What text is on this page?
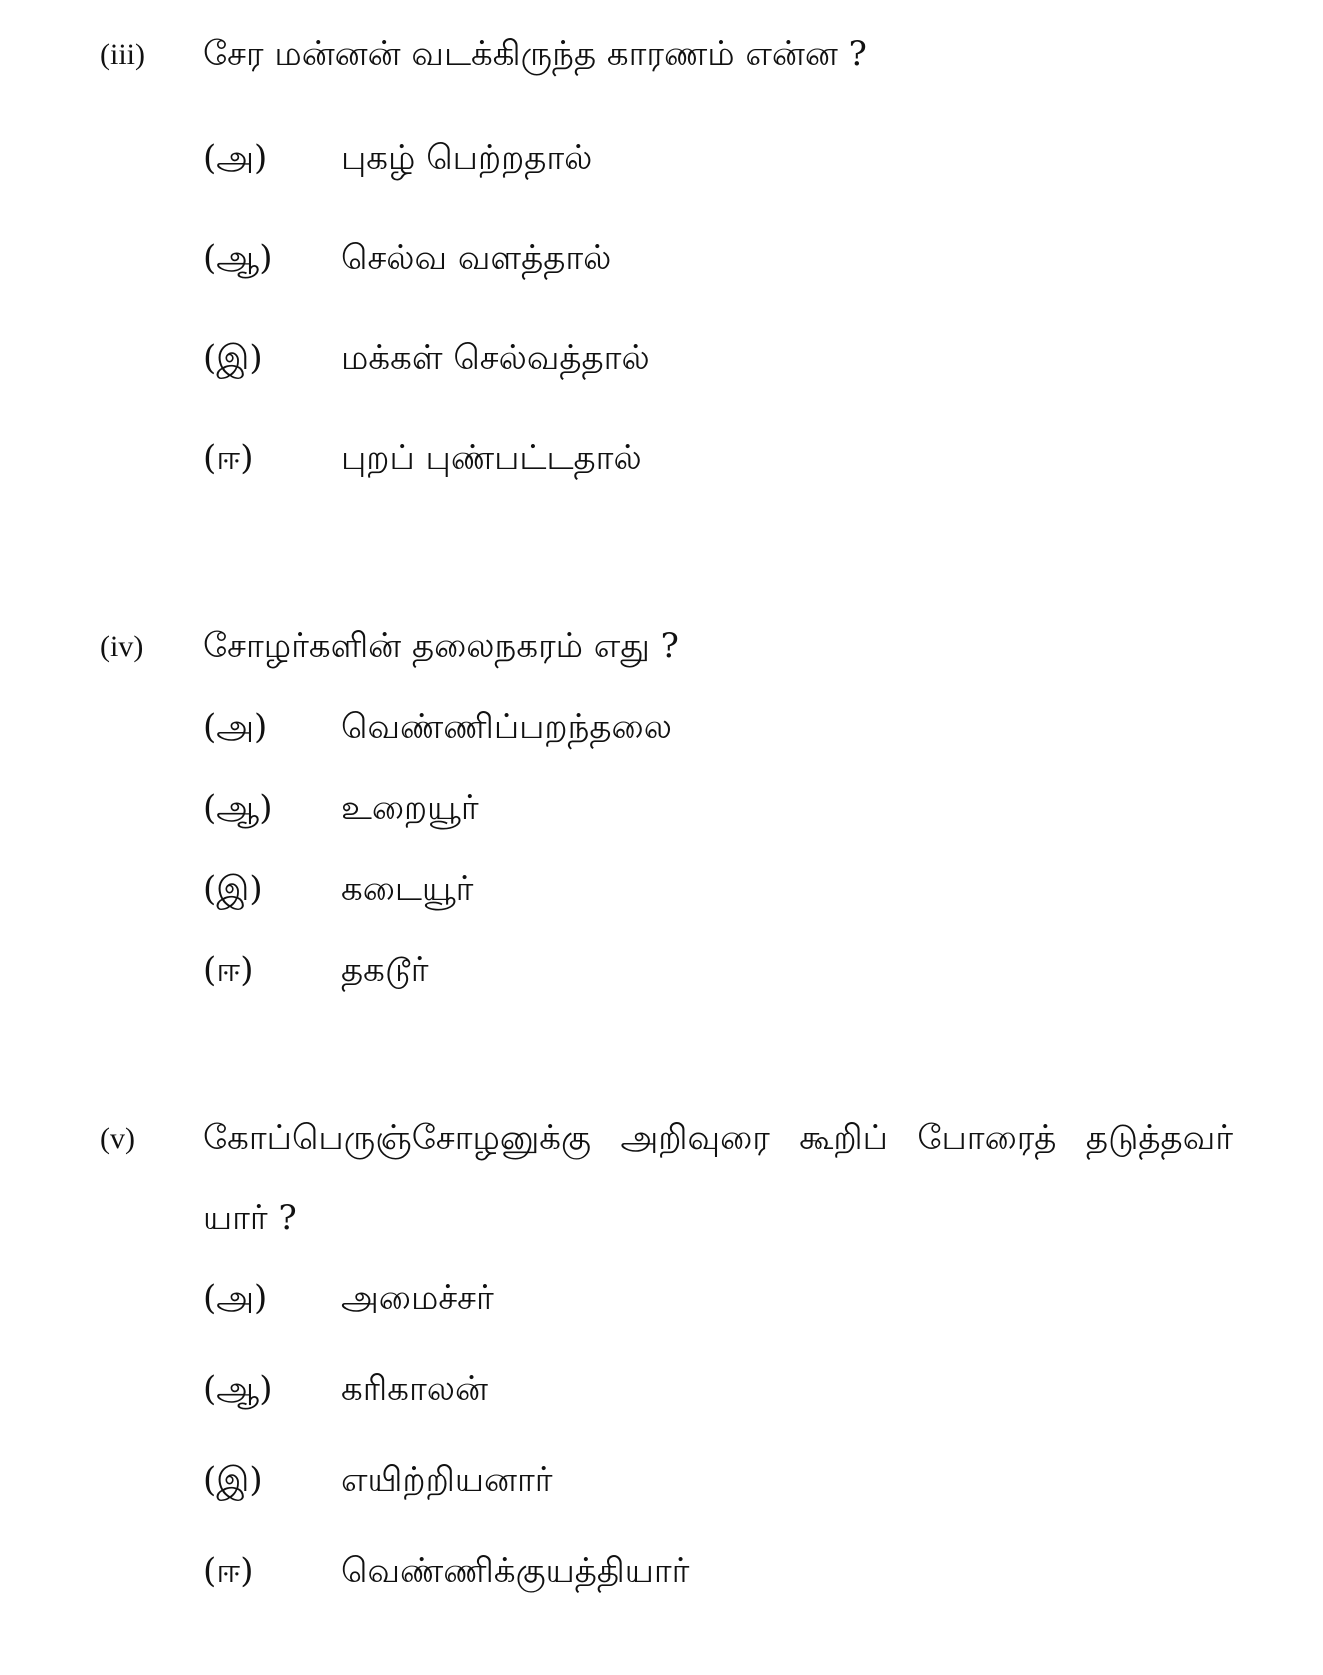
(iii) சேர மன்னன் வடக்கிருந்த காரணம் என்ன ?
(அ) புகழ் பெற்றதால்
(ஆ) செல்வ வளத்தால்
(இ) மக்கள் செல்வத்தால்
(ஈ)	புறப் புண்பட்டதால்
(iv) சோழர்களின் தலைநகரம் எது ?
(அ) வெண்ணிப்பறந்தலை
(ஆ) உறையூர்
(இ) கடையூர்
(ஈ)	தகடூர்
(v) கோப்பெருஞ்சோழனுக்கு அறிவுரை கூறிப் போரைத் தடுத்தவர் யார் ?
(அ) அமைச்சர்
(ஆ) கரிகாலன்
(இ) எயிற்றியனார்
(ஈ)	வெண்ணிக்குயத்தியார்
